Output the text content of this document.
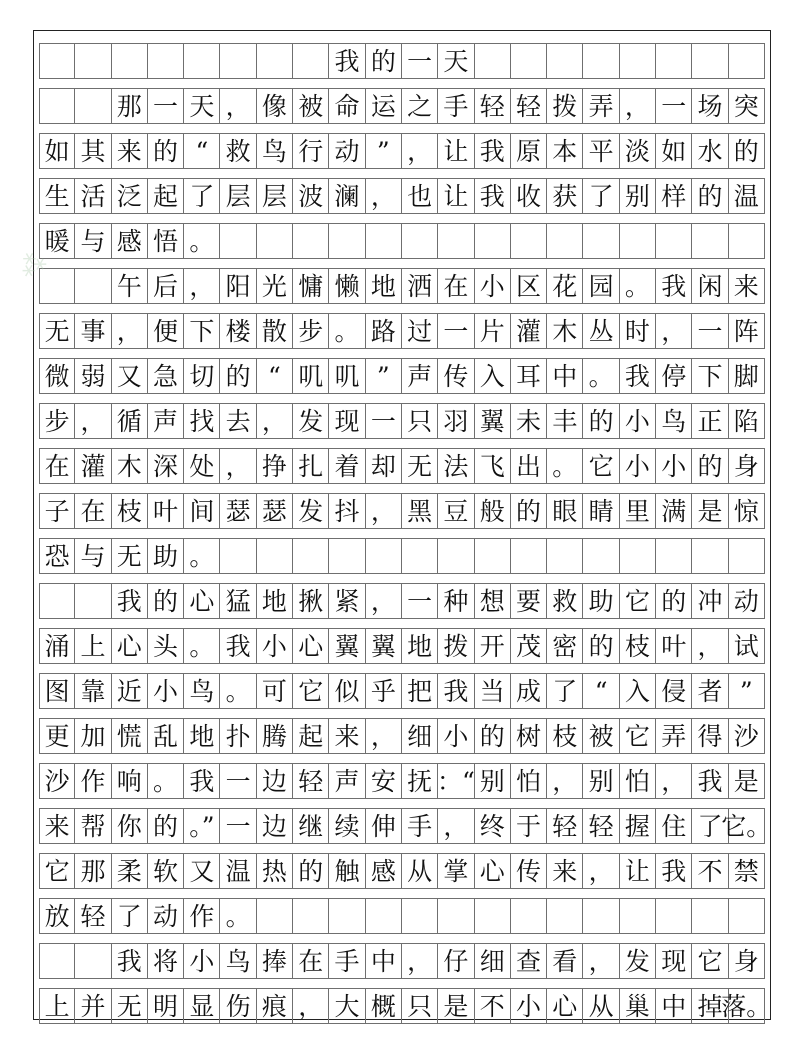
我 的 一 天
那 一 天 ， 像 被 命 运 之 手 轻 轻 拨 弄 ， 一 场 突
如 其 来 的 “ 救 鸟 行 动 ” ， 让 我 原 本 平 淡 如 水 的
生 活 泛 起 了 层 层 波 澜 ， 也 让 我 收 获 了 别 样 的 温
暖 与 感 悟 。
午 后 ， 阳 光 慵 懒 地 洒 在 小 区 花 园 。 我 闲 来
无 事 ， 便 下 楼 散 步 。 路 过 一 片 灌 木 丛 时 ， 一 阵
微 弱 又 急 切 的 “ 叽 叽 ” 声 传 入 耳 中 。 我 停 下 脚
步 ， 循 声 找 去 ， 发 现 一 只 羽 翼 未 丰 的 小 鸟 正 陷
在 灌 木 深 处 ， 挣 扎 着 却 无 法 飞 出 。 它 小 小 的 身
子 在 枝 叶 间 瑟 瑟 发 抖 ， 黑 豆 般 的 眼 睛 里 满 是 惊
恐 与 无 助 。
我 的 心 猛 地 揪 紧 ， 一 种 想 要 救 助 它 的 冲 动
涌 上 心 头 。 我 小 心 翼 翼 地 拨 开 茂 密 的 枝 叶 ， 试
图 靠 近 小 鸟 。 可 它 似 乎 把 我 当 成 了 “ 入 侵 者 ”
更 加 慌 乱 地 扑 腾 起 来 ， 细 小 的 树 枝 被 它 弄 得 沙
沙 作 响 。 我 一 边 轻 声 安 抚 ：“ 别 怕 ， 别 怕 ， 我 是
来 帮 你 的 。” 一 边 继 续 伸 手 ， 终 于 轻 轻 握 住 了
它。
它 那 柔 软 又 温 热 的 触 感 从 掌 心 传 来 ， 让 我 不 禁
放 轻 了 动 作 。
我 将 小 鸟 捧 在 手 中 ， 仔 细 查 看 ， 发 现 它 身
上 并 无 明 显 伤 痕 ， 大 概 只 是 不 小 心 从 巢 中 掉
落。
⁂
